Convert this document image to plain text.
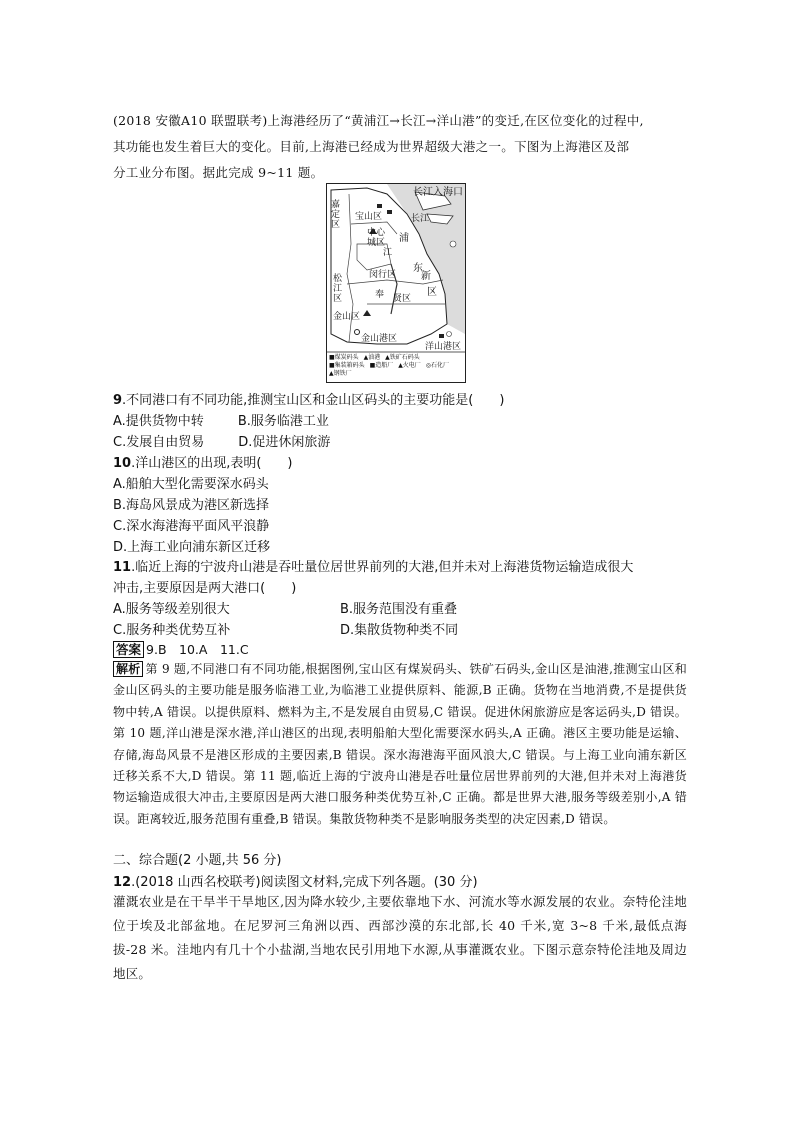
(2018 安徽A10 联盟联考)上海港经历了“黄浦江→长江→洋山港”的变迁,在区位变化的过程中,

其功能也发生着巨大的变化。目前,上海港已经成为世界超级大港之一。下图为上海港区及部

分工业分布图。据此完成 9~11 题。

长江入海口
长江
嘉定区
宝山区
中心城区	浦
东
江
新
区
闵行区
松江区	奉 贤区
金山区
金山港区
洋山港区
■煤炭码头 ▲油港 ▲铁矿石码头 ■集装箱码头 ■造船厂 ▲火电厂 ◎石化厂 ▲钢铁厂
9.不同港口有不同功能,推测宝山区和金山区码头的主要功能是(　　)
A.提供货物中转	B.服务临港工业
C.发展自由贸易	D.促进休闲旅游
10.洋山港区的出现,表明(　　)
A.船舶大型化需要深水码头
B.海岛风景成为港区新选择
C.深水海港海平面风平浪静
D.上海工业向浦东新区迁移
11.临近上海的宁波舟山港是吞吐量位居世界前列的大港,但并未对上海港货物运输造成很大
冲击,主要原因是两大港口(　　)
A.服务等级差别很大	B.服务范围没有重叠
C.服务种类优势互补	D.集散货物种类不同
答案 9.B　10.A　11.C
解析 第 9 题,不同港口有不同功能,根据图例,宝山区有煤炭码头、铁矿石码头,金山区是油港,推测宝山区和金山区码头的主要功能是服务临港工业,为临港工业提供原料、能源,B 正确。货物在当地消费,不是提供货物中转,A 错误。以提供原料、燃料为主,不是发展自由贸易,C 错误。促进休闲旅游应是客运码头,D 错误。第 10 题,洋山港是深水港,洋山港区的出现,表明船舶大型化需要深水码头,A 正确。港区主要功能是运输、存储,海岛风景不是港区形成的主要因素,B 错误。深水海港海平面风浪大,C 错误。与上海工业向浦东新区迁移关系不大,D 错误。第 11 题,临近上海的宁波舟山港是吞吐量位居世界前列的大港,但并未对上海港货物运输造成很大冲击,主要原因是两大港口服务种类优势互补,C 正确。都是世界大港,服务等级差别小,A 错误。距离较近,服务范围有重叠,B 错误。集散货物种类不是影响服务类型的决定因素,D 错误。
二、综合题(2 小题,共 56 分)
12.(2018 山西名校联考)阅读图文材料,完成下列各题。(30 分)
灌溉农业是在干旱半干旱地区,因为降水较少,主要依靠地下水、河流水等水源发展的农业。奈特伦洼地位于埃及北部盆地。在尼罗河三角洲以西、西部沙漠的东北部,长 40 千米,宽 3~8 千米,最低点海拔-28 米。洼地内有几十个小盐湖,当地农民引用地下水源,从事灌溉农业。下图示意奈特伦洼地及周边地区。
